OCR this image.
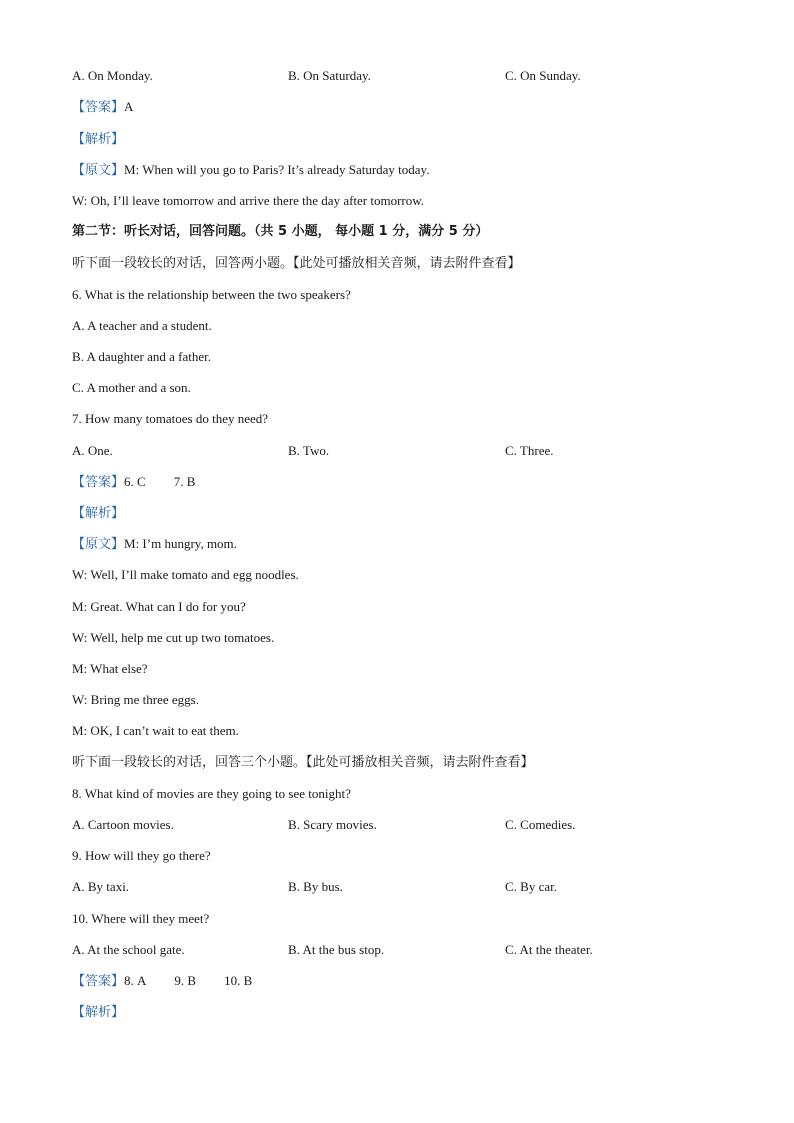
A. On Monday.	B. On Saturday.	C. On Sunday.
【答案】A
【解析】
【原文】M: When will you go to Paris? It’s already Saturday today.
W: Oh, I’ll leave tomorrow and arrive there the day after tomorrow.
第二节：听长对话，回答问题。（共 5 小题， 每小题 1 分，满分 5 分）
听下面一段较长的对话，回答两小题。【此处可播放相关音频，请去附件查看】
6. What is the relationship between the two speakers?
A. A teacher and a student.
B. A daughter and a father.
C. A mother and a son.
7. How many tomatoes do they need?
A. One.	B. Two.	C. Three.
【答案】6. C 7. B
【解析】
【原文】M: I’m hungry, mom.
W: Well, I’ll make tomato and egg noodles.
M: Great. What can I do for you?
W: Well, help me cut up two tomatoes.
M: What else?
W: Bring me three eggs.
M: OK, I can’t wait to eat them.
听下面一段较长的对话，回答三个小题。【此处可播放相关音频，请去附件查看】
8. What kind of movies are they going to see tonight?
A. Cartoon movies.	B. Scary movies.	C. Comedies.
9. How will they go there?
A. By taxi.	B. By bus.	C. By car.
10. Where will they meet?
A. At the school gate.	B. At the bus stop.	C. At the theater.
【答案】8. A 9. B 10. B
【解析】
